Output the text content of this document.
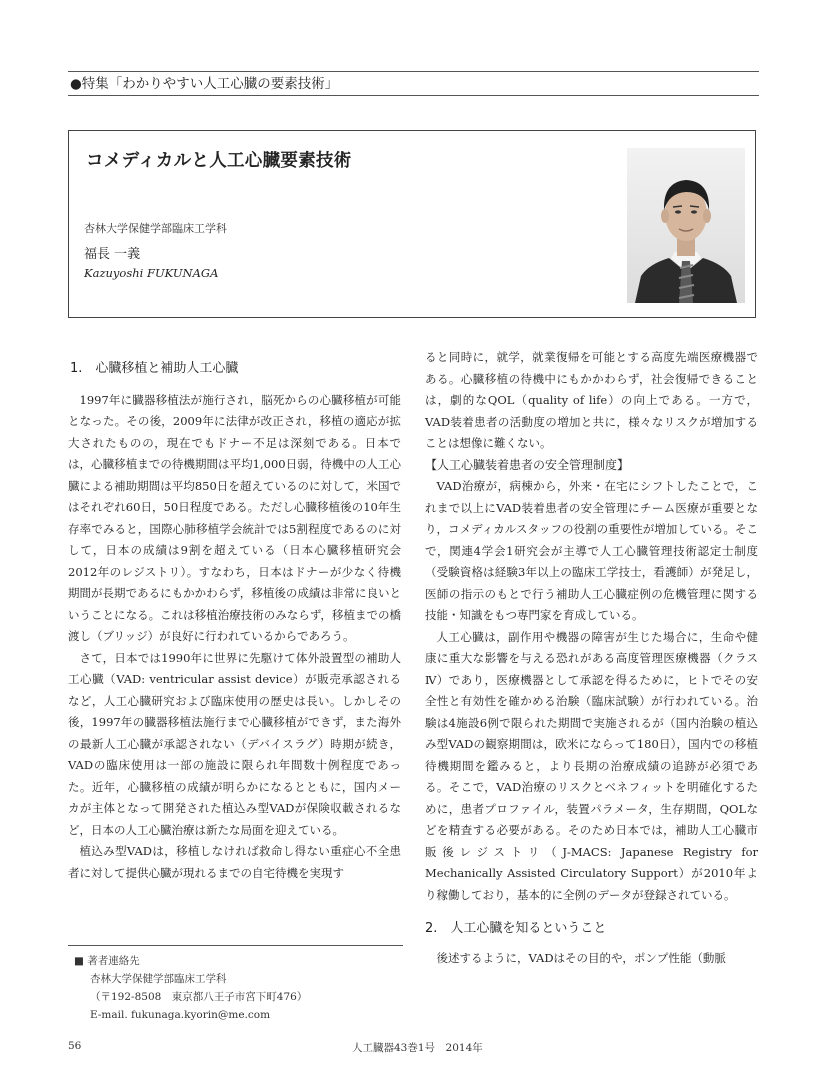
●特集「わかりやすい人工心臓の要素技術」
コメディカルと人工心臓要素技術
杏林大学保健学部臨床工学科
福長 一義
Kazuyoshi FUKUNAGA
1.　心臓移植と補助人工心臓

1997年に臓器移植法が施行され，脳死からの心臓移植が可能となった。その後，2009年に法律が改正され，移植の適応が拡大されたものの，現在でもドナー不足は深刻である。日本では，心臓移植までの待機期間は平均1,000日弱，待機中の人工心臓による補助期間は平均850日を超えているのに対して，米国ではそれぞれ60日，50日程度である。ただし心臓移植後の10年生存率でみると，国際心肺移植学会統計では5割程度であるのに対して，日本の成績は9割を超えている（日本心臓移植研究会2012年のレジストリ）。すなわち，日本はドナーが少なく待機期間が長期であるにもかかわらず，移植後の成績は非常に良いということになる。これは移植治療技術のみならず，移植までの橋渡し（ブリッジ）が良好に行われているからであろう。

さて，日本では1990年に世界に先駆けて体外設置型の補助人工心臓（VAD: ventricular assist device）が販売承認されるなど，人工心臓研究および臨床使用の歴史は長い。しかしその後，1997年の臓器移植法施行まで心臓移植ができず，また海外の最新人工心臓が承認されない（デバイスラグ）時期が続き，VADの臨床使用は一部の施設に限られ年間数十例程度であった。近年，心臓移植の成績が明らかになるとともに，国内メーカが主体となって開発された植込み型VADが保険収載されるなど，日本の人工心臓治療は新たな局面を迎えている。

植込み型VADは，移植しなければ救命し得ない重症心不全患者に対して提供心臓が現れるまでの自宅待機を実現す

■ 著者連絡先
杏林大学保健学部臨床工学科
（〒192-8508　東京都八王子市宮下町476）
E-mail. fukunaga.kyorin@me.com

ると同時に，就学，就業復帰を可能とする高度先端医療機器である。心臓移植の待機中にもかかわらず，社会復帰できることは，劇的なQOL（quality of life）の向上である。一方で，VAD装着患者の活動度の増加と共に，様々なリスクが増加することは想像に難くない。

【人工心臓装着患者の安全管理制度】

VAD治療が，病棟から，外来・在宅にシフトしたことで，これまで以上にVAD装着患者の安全管理にチーム医療が重要となり，コメディカルスタッフの役割の重要性が増加している。そこで，関連4学会1研究会が主導で人工心臓管理技術認定士制度（受験資格は経験3年以上の臨床工学技士，看護師）が発足し，医師の指示のもとで行う補助人工心臓症例の危機管理に関する技能・知識をもつ専門家を育成している。

人工心臓は，副作用や機器の障害が生じた場合に，生命や健康に重大な影響を与える恐れがある高度管理医療機器（クラスⅣ）であり，医療機器として承認を得るために，ヒトでその安全性と有効性を確かめる治験（臨床試験）が行われている。治験は4施設6例で限られた期間で実施されるが（国内治験の植込み型VADの観察期間は，欧米にならって180日），国内での移植待機期間を鑑みると，より長期の治療成績の追跡が必須である。そこで，VAD治療のリスクとベネフィットを明確化するために，患者プロファイル，装置パラメータ，生存期間，QOLなどを精査する必要がある。そのため日本では，補助人工心臓市販後レジストリ（J-MACS: Japanese Registry for Mechanically Assisted Circulatory Support）が2010年より稼働しており，基本的に全例のデータが登録されている。

2.　人工心臓を知るということ

後述するように，VADはその目的や，ポンプ性能（動脈

56	人工臓器43巻1号　2014年
